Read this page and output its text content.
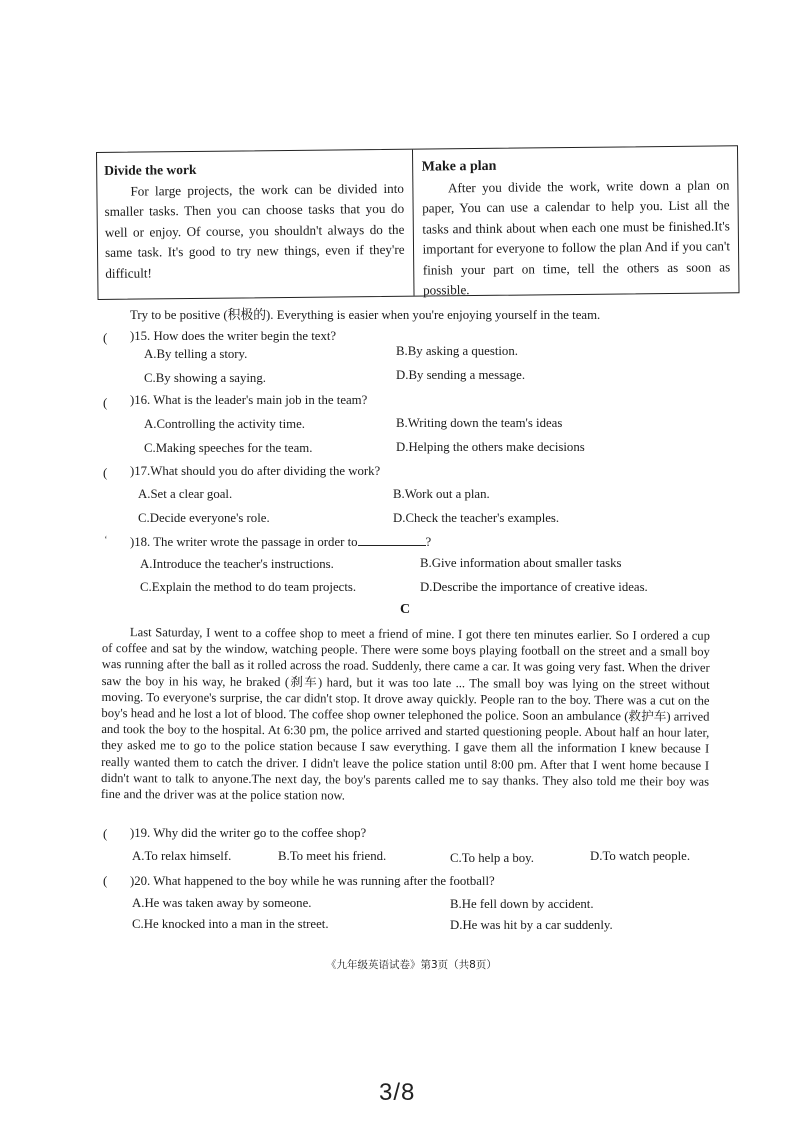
Divide the work

For large projects, the work can be divided into smaller tasks. Then you can choose tasks that you do well or enjoy. Of course, you shouldn't always do the same task. It's good to try new things, even if they're difficult!

Make a plan

After you divide the work, write down a plan on paper, You can use a calendar to help you. List all the tasks and think about when each one must be finished.It's important for everyone to follow the plan And if you can't finish your part on time, tell the others as soon as possible.

Try to be positive (积极的). Everything is easier when you're enjoying yourself in the team.
( )15. How does the writer begin the text?
A.By telling a story.	B.By asking a question.
C.By showing a saying.	D.By sending a message.
( )16. What is the leader's main job in the team?
A.Controlling the activity time.	B.Writing down the team's ideas
C.Making speeches for the team.	D.Helping the others make decisions
( )17.What should you do after dividing the work?
A.Set a clear goal.	B.Work out a plan.
C.Decide everyone's role.	D.Check the teacher's examples.
ʻ )18. The writer wrote the passage in order to	?
A.Introduce the teacher's instructions.	B.Give information about smaller tasks
C.Explain the method to do team projects.	D.Describe the importance of creative ideas.
C

Last Saturday, I went to a coffee shop to meet a friend of mine. I got there ten minutes earlier. So I ordered a cup of coffee and sat by the window, watching people. There were some boys playing football on the street and a small boy was running after the ball as it rolled across the road. Suddenly, there came a car. It was going very fast. When the driver saw the boy in his way, he braked (刹车) hard, but it was too late ... The small boy was lying on the street without moving. To everyone's surprise, the car didn't stop. It drove away quickly. People ran to the boy. There was a cut on the boy's head and he lost a lot of blood. The coffee shop owner telephoned the police. Soon an ambulance (救护车) arrived and took the boy to the hospital. At 6:30 pm, the police arrived and started questioning people. About half an hour later, they asked me to go to the police station because I saw everything. I gave them all the information I knew because I really wanted them to catch the driver. I didn't leave the police station until 8:00 pm. After that I went home because I didn't want to talk to anyone.The next day, the boy's parents called me to say thanks. They also told me their boy was fine and the driver was at the police station now.

( )19. Why did the writer go to the coffee shop?
A.To relax himself.	B.To meet his friend.	C.To help a boy.	D.To watch people.
( )20. What happened to the boy while he was running after the football?
A.He was taken away by someone.	B.He fell down by accident.
C.He knocked into a man in the street.	D.He was hit by a car suddenly.
《九年级英语试卷》第3页（共8页）
3/8
